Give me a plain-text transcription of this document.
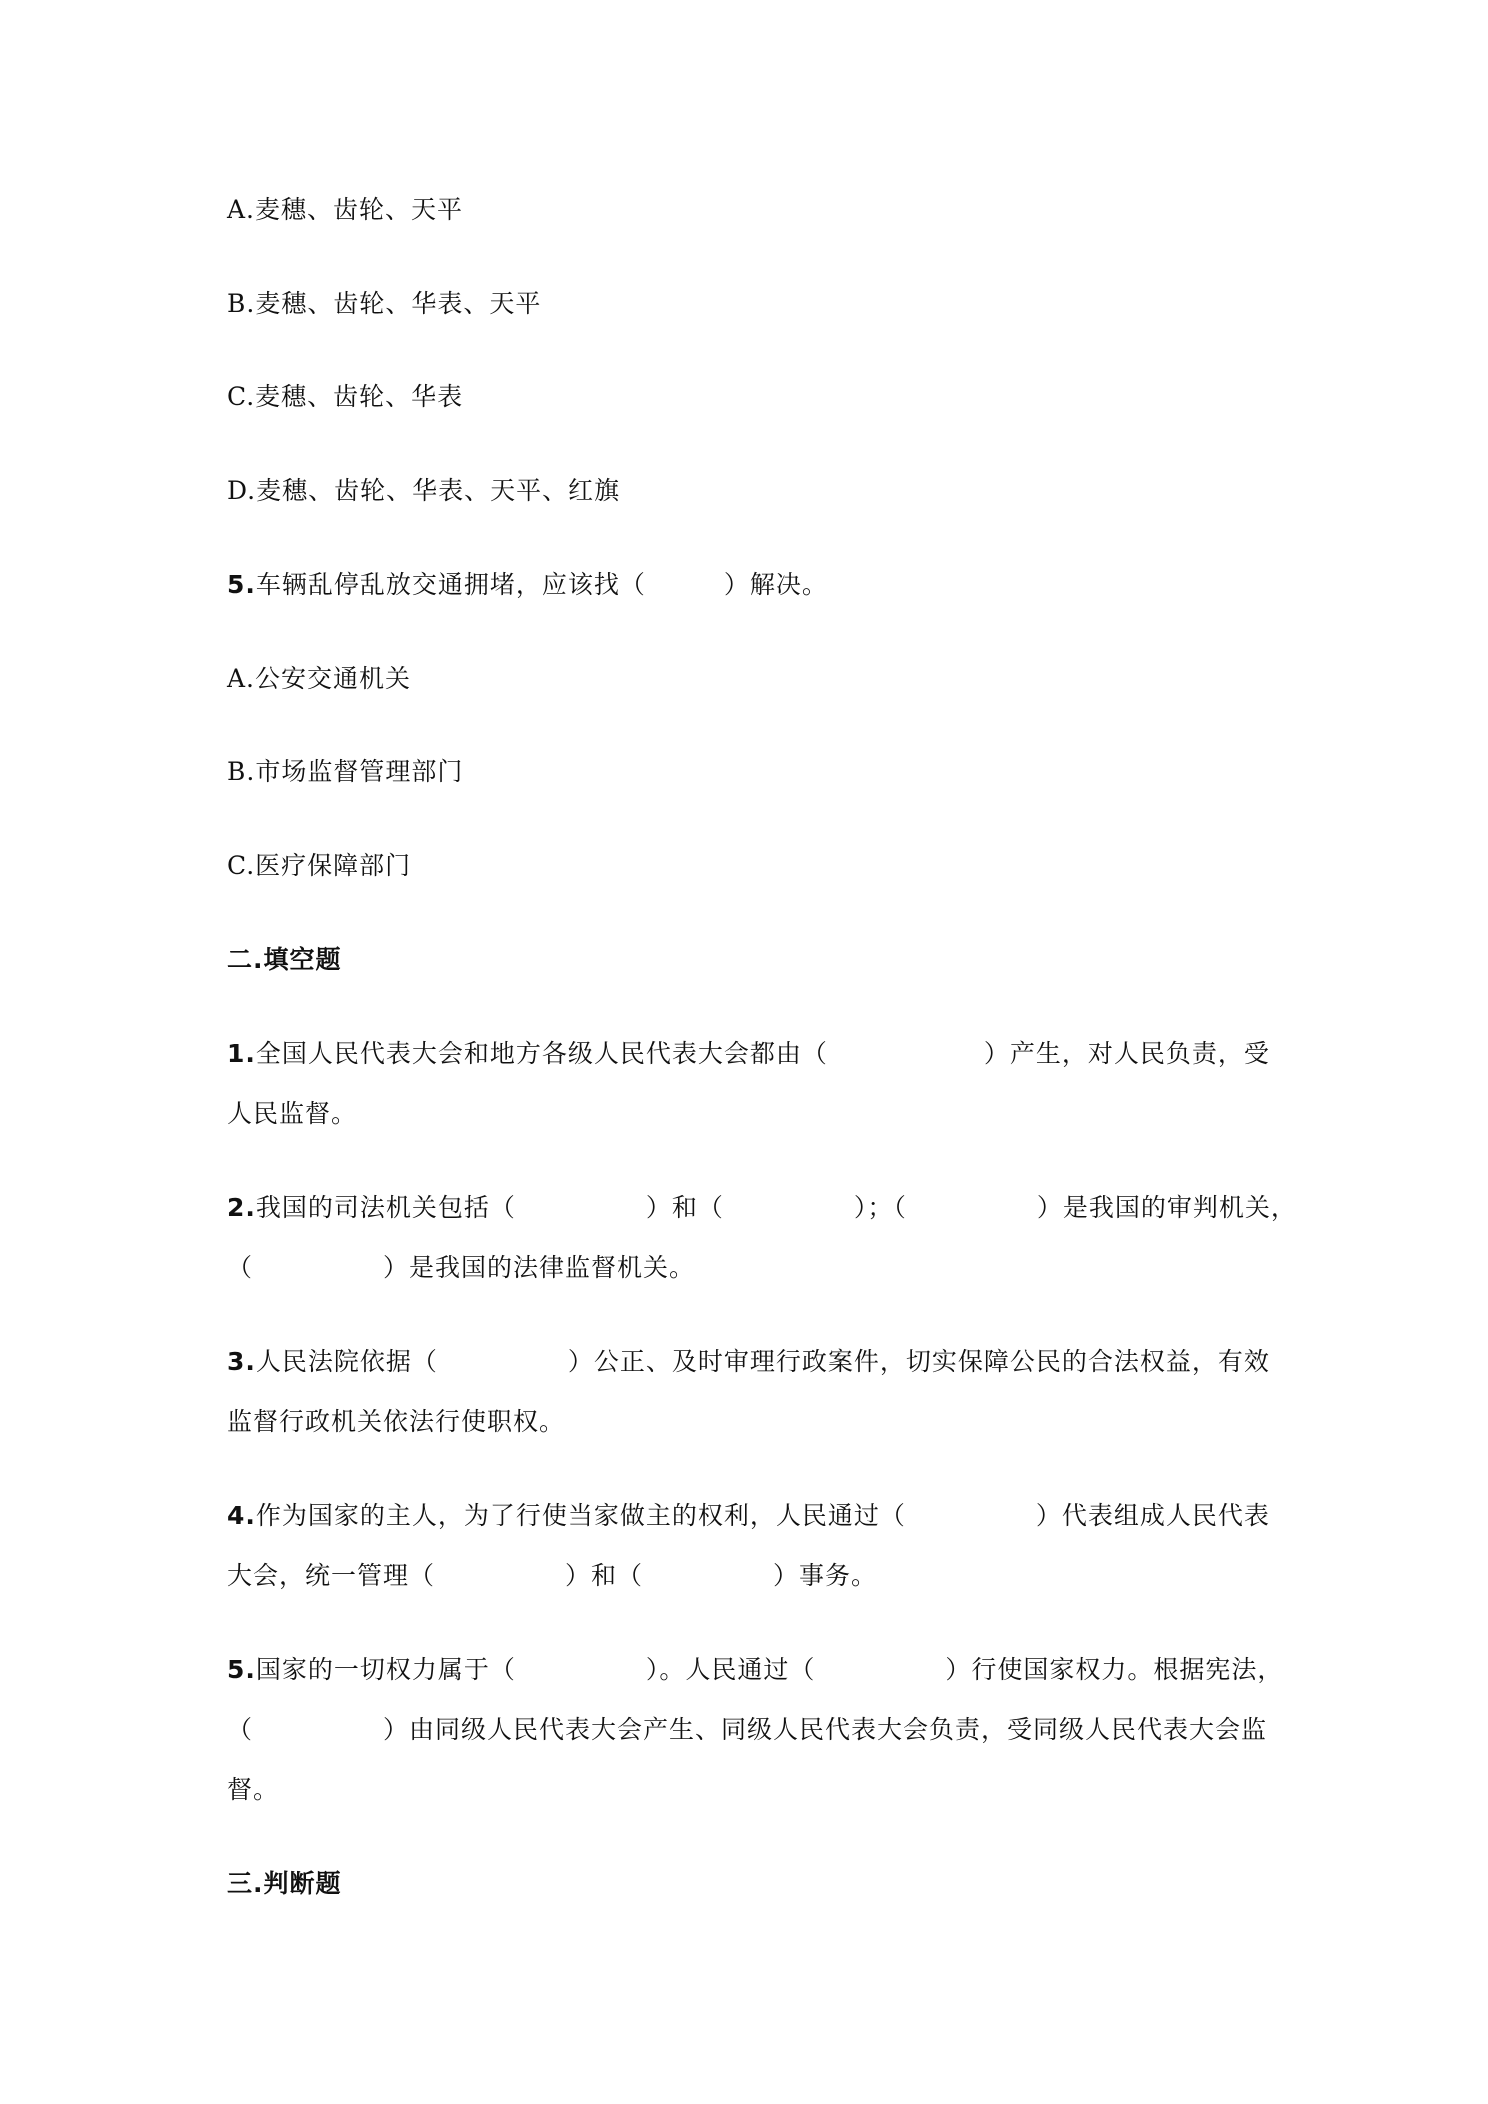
A.麦穗、齿轮、天平
B.麦穗、齿轮、华表、天平
C.麦穗、齿轮、华表
D.麦穗、齿轮、华表、天平、红旗
5.车辆乱停乱放交通拥堵，应该找（　　　）解决。
A.公安交通机关
B.市场监督管理部门
C.医疗保障部门
二.填空题
1.全国人民代表大会和地方各级人民代表大会都由（　　　　　　）产生，对人民负责，受
人民监督。
2.我国的司法机关包括（　　　　　）和（　　　　　）；（　　　　　）是我国的审判机关，
（　　　　　）是我国的法律监督机关。
3.人民法院依据（　　　　　）公正、及时审理行政案件，切实保障公民的合法权益，有效
监督行政机关依法行使职权。
4.作为国家的主人，为了行使当家做主的权利，人民通过（　　　　　）代表组成人民代表
大会，统一管理（　　　　　）和（　　　　　）事务。
5.国家的一切权力属于（　　　　　）。人民通过（　　　　　）行使国家权力。根据宪法，
（　　　　　）由同级人民代表大会产生、同级人民代表大会负责，受同级人民代表大会监
督。
三.判断题
